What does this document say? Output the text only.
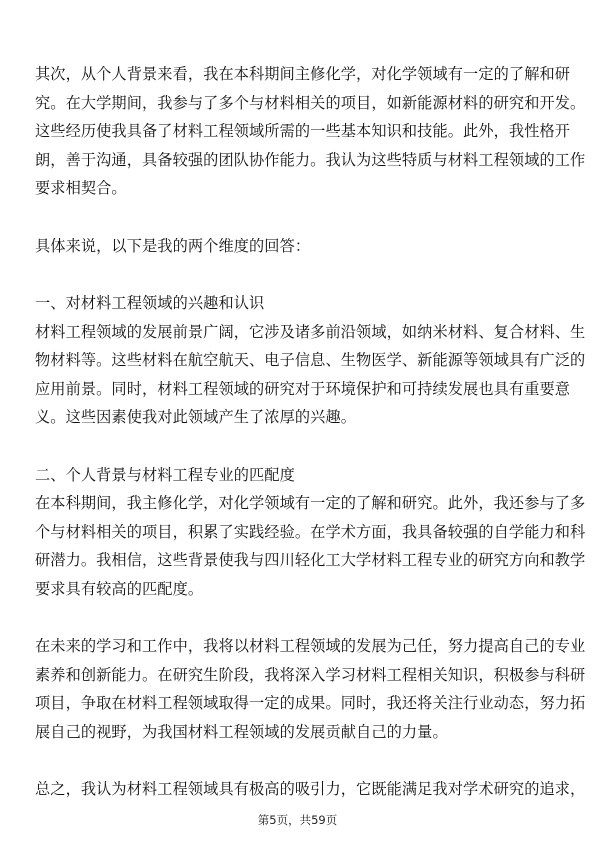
其次，从个人背景来看，我在本科期间主修化学，对化学领域有一定的了解和研
究。在大学期间，我参与了多个与材料相关的项目，如新能源材料的研究和开发。
这些经历使我具备了材料工程领域所需的一些基本知识和技能。此外，我性格开
朗，善于沟通，具备较强的团队协作能力。我认为这些特质与材料工程领域的工作
要求相契合。
具体来说，以下是我的两个维度的回答：
一、对材料工程领域的兴趣和认识
材料工程领域的发展前景广阔，它涉及诸多前沿领域，如纳米材料、复合材料、生
物材料等。这些材料在航空航天、电子信息、生物医学、新能源等领域具有广泛的
应用前景。同时，材料工程领域的研究对于环境保护和可持续发展也具有重要意
义。这些因素使我对此领域产生了浓厚的兴趣。
二、个人背景与材料工程专业的匹配度
在本科期间，我主修化学，对化学领域有一定的了解和研究。此外，我还参与了多
个与材料相关的项目，积累了实践经验。在学术方面，我具备较强的自学能力和科
研潜力。我相信，这些背景使我与四川轻化工大学材料工程专业的研究方向和教学
要求具有较高的匹配度。
在未来的学习和工作中，我将以材料工程领域的发展为己任，努力提高自己的专业
素养和创新能力。在研究生阶段，我将深入学习材料工程相关知识，积极参与科研
项目，争取在材料工程领域取得一定的成果。同时，我还将关注行业动态，努力拓
展自己的视野，为我国材料工程领域的发展贡献自己的力量。
总之，我认为材料工程领域具有极高的吸引力，它既能满足我对学术研究的追求，
第5页，共59页
